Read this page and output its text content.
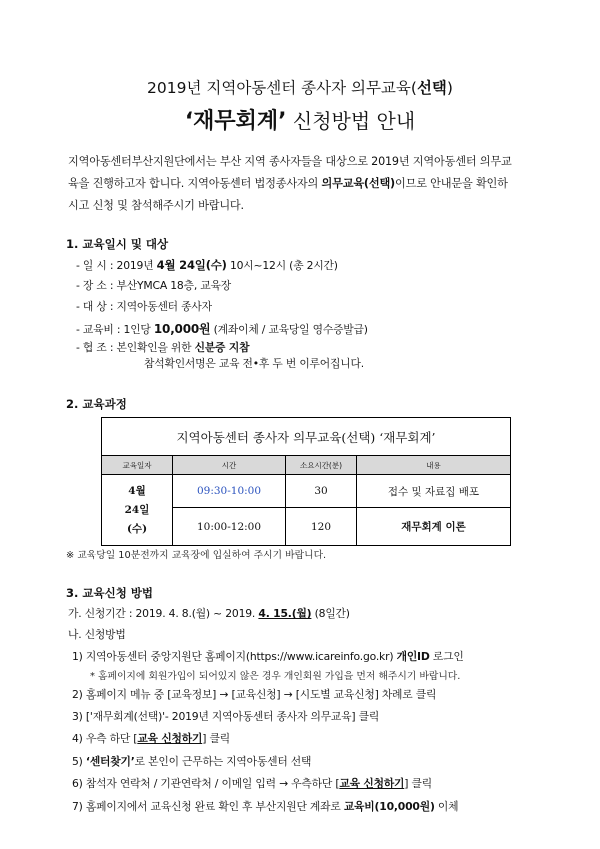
2019년 지역아동센터 종사자 의무교육(선택)
‘재무회계’ 신청방법 안내
지역아동센터부산지원단에서는 부산 지역 종사자들을 대상으로 2019년 지역아동센터 의무교
육을 진행하고자 합니다. 지역아동센터 법정종사자의 의무교육(선택)이므로 안내문을 확인하
시고 신청 및 참석해주시기 바랍니다.
1. 교육일시 및 대상
- 일 시 : 2019년 4월 24일(수) 10시~12시 (총 2시간)
- 장 소 : 부산YMCA 18층, 교육장
- 대 상 : 지역아동센터 종사자
- 교육비 : 1인당 10,000원 (계좌이체 / 교육당일 영수증발급)
- 협 조 : 본인확인을 위한 신분증 지참
참석확인서명은 교육 전•후 두 번 이루어집니다.
2. 교육과정
지역아동센터 종사자 의무교육(선택) ‘재무회계’			
교육일자	시간	소요시간(분)	내용

4월
24일
(수)	09:30-10:00	30	접수 및 자료집 배포
	10:00-12:00	120	재무회계 이론
※ 교육당일 10분전까지 교육장에 입실하여 주시기 바랍니다.
3. 교육신청 방법
가. 신청기간 : 2019. 4. 8.(월) ~ 2019. 4. 15.(월) (8일간)
나. 신청방법
1) 지역아동센터 중앙지원단 홈페이지(https://www.icareinfo.go.kr) 개인ID 로그인
* 홈페이지에 회원가입이 되어있지 않은 경우 개인회원 가입을 먼저 해주시기 바랍니다.
2) 홈페이지 메뉴 중 [교육정보] → [교육신청] → [시도별 교육신청] 차례로 클릭
3) ['재무회계(선택)'- 2019년 지역아동센터 종사자 의무교육] 클릭
4) 우측 하단 [교육 신청하기] 클릭
5) ‘센터찾기’로 본인이 근무하는 지역아동센터 선택
6) 참석자 연락처 / 기관연락처 / 이메일 입력 → 우측하단 [교육 신청하기] 클릭
7) 홈페이지에서 교육신청 완료 확인 후 부산지원단 계좌로 교육비(10,000원) 이체
